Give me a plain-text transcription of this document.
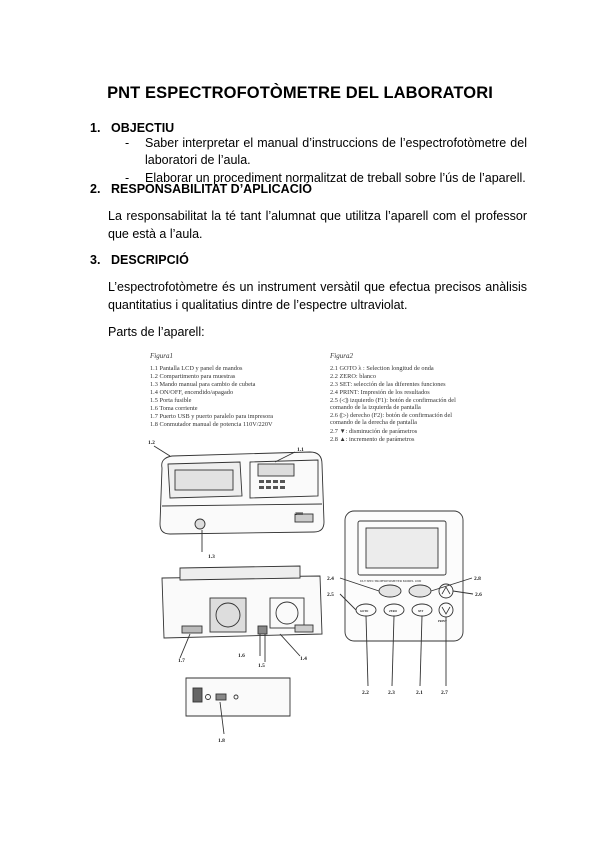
PNT ESPECTROFOTÒMETRE DEL LABORATORI
1. OBJECTIU
- Saber interpretar el manual d’instruccions de l’espectrofotòmetre del laboratori de l’aula.
- Elaborar un procediment normalitzat de treball sobre l’ús de l’aparell.
2. RESPONSABILITAT D’APLICACIÓ
La responsabilitat la té tant l’alumnat que utilitza l’aparell com el professor que està a l’aula.
3. DESCRIPCIÓ
L’espectrofotòmetre és un instrument versàtil que efectua precisos anàlisis quantitatius i qualitatius dintre de l’espectre ultraviolat.
Parts de l’aparell:
Figura1
1.1 Pantalla LCD y panel de mandos
1.2 Compartimento para muestras
1.3 Mando manual para cambio de cubeta
1.4 ON/OFF, encendido/apagado
1.5 Porta fusible
1.6 Toma corriente
1.7 Puerto USB y puerto paralelo para impresora
1.8 Conmutador manual de potencia 110V/220V
Figura2
2.1 GOTO λ : Selection longitud de onda
2.2 ZERO: blanco
2.3 SET: selección de las diferentes funciones
2.4 PRINT: Impresión de los resultados
2.5 (◁) izquierdo (F1): botón de confirmación del
comando de la izquierda de pantalla
2.6 (▷) derecho (F2): botón de confirmación del
comando de la derecha de pantalla
2.7 ▼: disminución de parámetros
2.8 ▲: incremento de parámetros
2000
1.2
1.1
1.3
1.7
1.6
1.5
1.4
1.8
ULT SPECTROPHOTOMETER MODEL 1000
GOTO	ZERO	SET
PRINT
2.4
2.5
2.8
2.6
2.2	2.3	2.1	2.7
